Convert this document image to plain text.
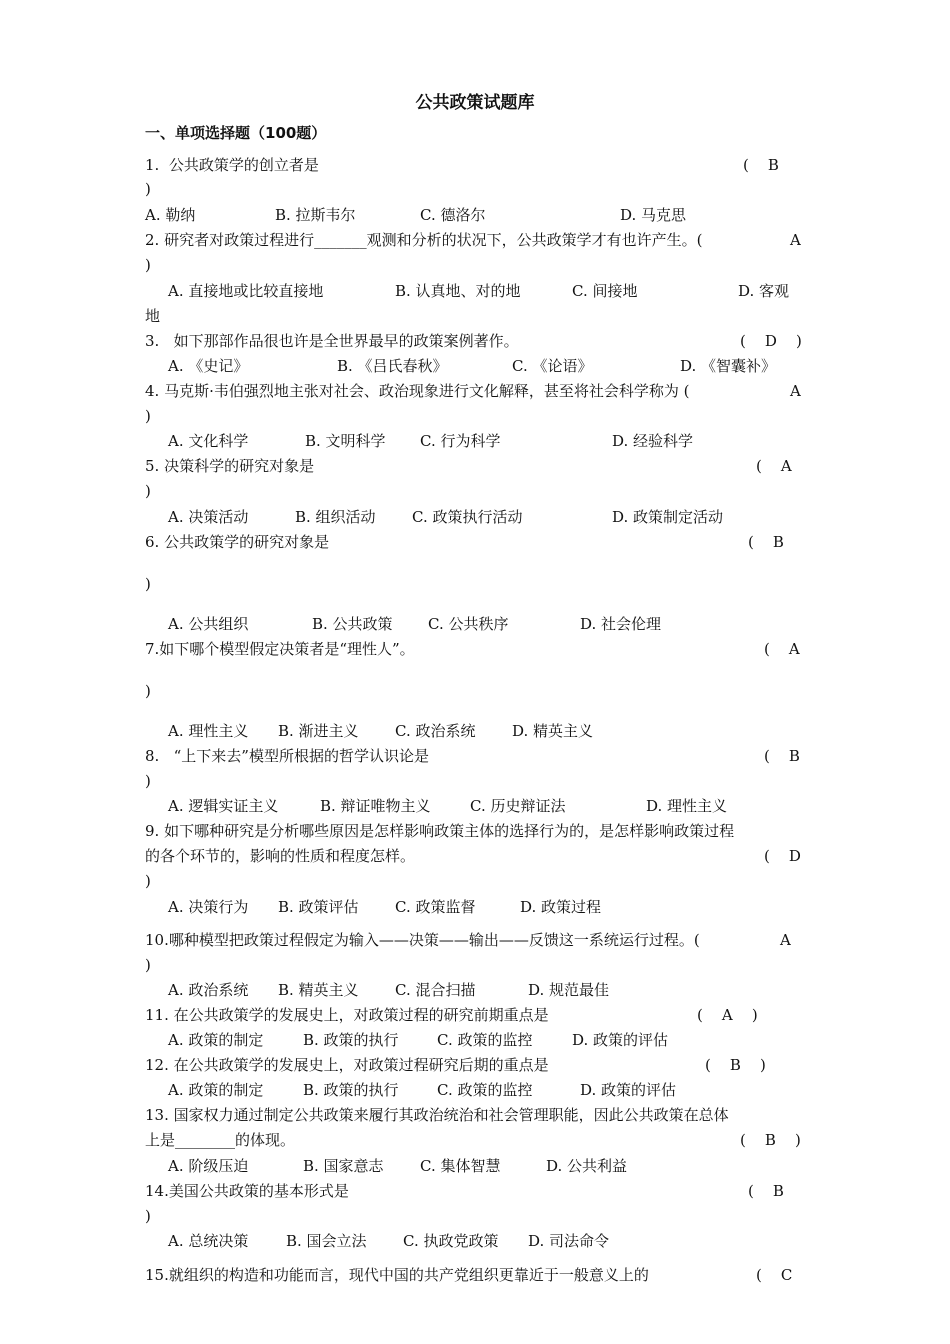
公共政策试题库
一、单项选择题（100题）
1.  公共政策学的创立者是	(    B
)
A. 勒纳	B. 拉斯韦尔	C. 德洛尔	D. 马克思
2. 研究者对政策过程进行_______观测和分析的状况下，公共政策学才有也许产生。(	A
)
A. 直接地或比较直接地	B. 认真地、对的地	C. 间接地	D. 客观
地
3.   如下那部作品很也许是全世界最早的政策案例著作。	(    D    )
A. 《史记》	B. 《吕氏春秋》	C. 《论语》	D. 《智囊补》
4. 马克斯·韦伯强烈地主张对社会、政治现象进行文化解释，甚至将社会科学称为 (	A
)
A. 文化科学	B. 文明科学 C. 行为科学	D. 经验科学
5. 决策科学的研究对象是	(    A
)
A. 决策活动	B. 组织活动 C. 政策执行活动	D. 政策制定活动
6. 公共政策学的研究对象是	(    B
)
A. 公共组织	B. 公共政策 C. 公共秩序	D. 社会伦理
7.如下哪个模型假定决策者是“理性人”。	(    A
)
A. 理性主义 B. 渐进主义 C. 政治系统 D. 精英主义
8.   “上下来去”模型所根据的哲学认识论是	(    B
)
A. 逻辑实证主义	B. 辩证唯物主义	C. 历史辩证法	D. 理性主义
9. 如下哪种研究是分析哪些原因是怎样影响政策主体的选择行为的，是怎样影响政策过程
的各个环节的，影响的性质和程度怎样。	(    D
)
A. 决策行为 B. 政策评估 C. 政策监督	D. 政策过程
10.哪种模型把政策过程假定为输入——决策——输出——反馈这一系统运行过程。(	A
)
A. 政治系统 B. 精英主义 C. 混合扫描	D. 规范最佳
11. 在公共政策学的发展史上，对政策过程的研究前期重点是	(    A    )
A. 政策的制定	B. 政策的执行	C. 政策的监控	D. 政策的评估
12. 在公共政策学的发展史上，对政策过程研究后期的重点是	(    B    )
A. 政策的制定	B. 政策的执行	C. 政策的监控	D. 政策的评估
13. 国家权力通过制定公共政策来履行其政治统治和社会管理职能，因此公共政策在总体
上是________的体现。	(    B    )
A. 阶级压迫	B. 国家意志 C. 集体智慧	D. 公共利益
14.美国公共政策的基本形式是	(    B
)
A. 总统决策	B. 国会立法 C. 执政党政策 D. 司法命令
15.就组织的构造和功能而言，现代中国的共产党组织更靠近于一般意义上的	(    C
